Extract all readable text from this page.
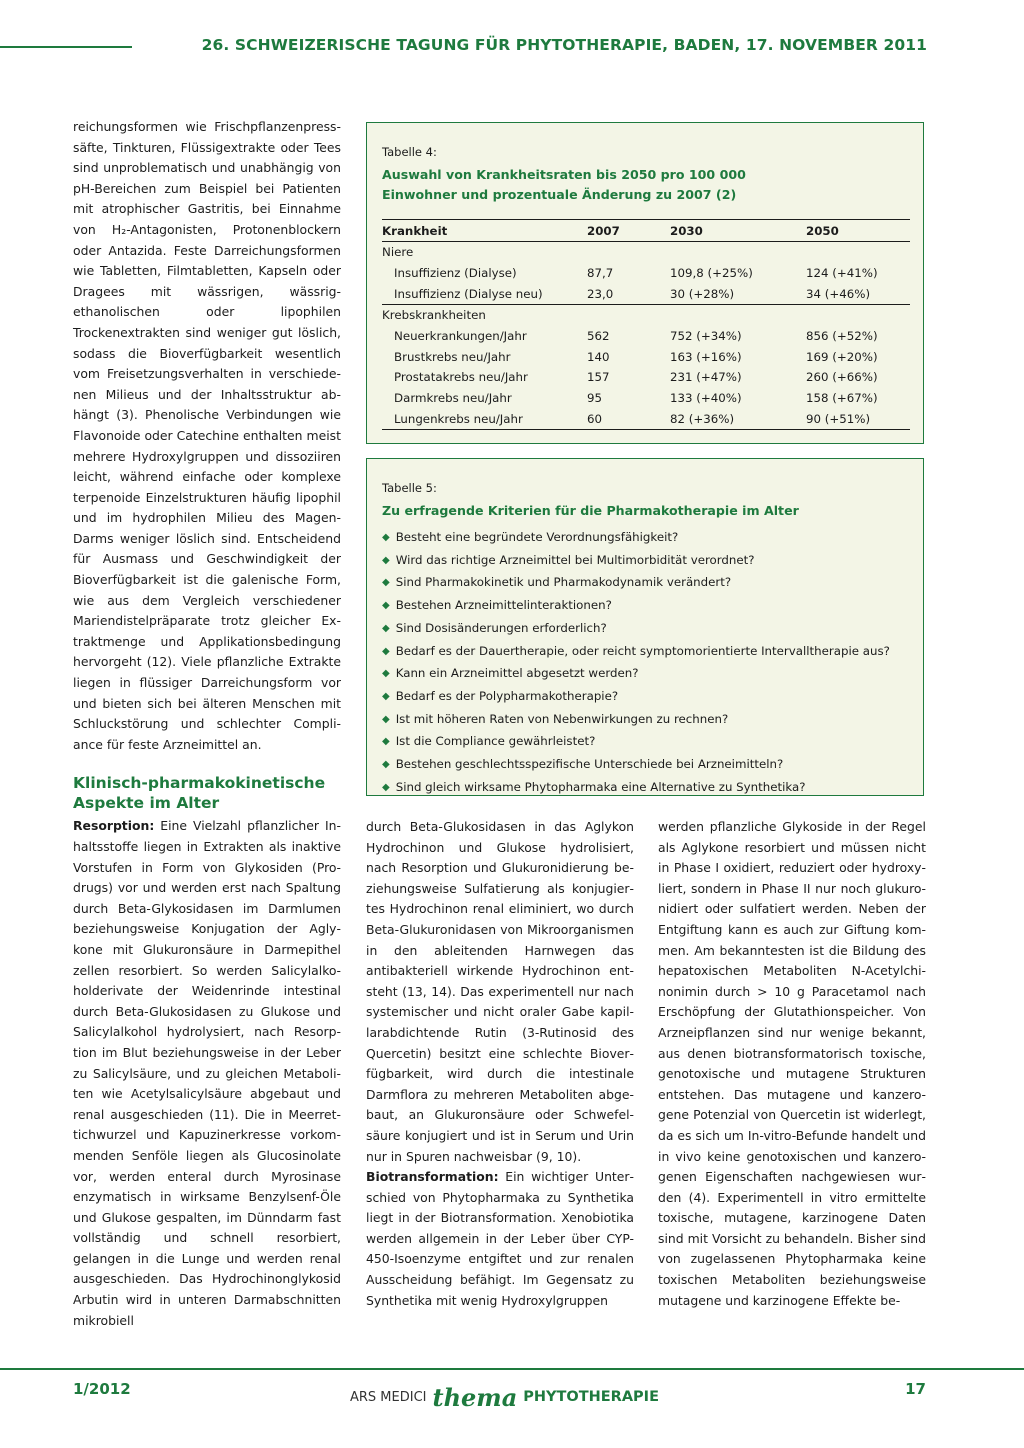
26. SCHWEIZERISCHE TAGUNG FÜR PHYTOTHERAPIE, BADEN, 17. NOVEMBER 2011

reichungsformen wie Frischpflanzenpresssäfte, Tinkturen, Flüssigextrakte oder Tees sind unproblematisch und unabhängig von pH-Bereichen zum Beispiel bei Patienten mit atrophischer Gastritis, bei Einnahme von H₂-Antagonisten, Protonenblockern oder Antazida. Feste Darreichungsformen wie Tabletten, Filmtabletten, Kapseln oder Dragees mit wässrigen, wässrig-ethanolischen oder lipophilen Trockenextrakten sind weniger gut löslich, sodass die Bioverfügbarkeit wesentlich vom Freisetzungsverhalten in verschiedenen Milieus und der Inhaltsstruktur abhängt (3). Phenolische Verbindungen wie Flavonoide oder Catechine enthalten meist mehrere Hydroxylgruppen und dissoziiren leicht, während einfache oder komplexe terpenoide Einzelstrukturen häufig lipophil und im hydrophilen Milieu des Magen-Darms weniger löslich sind. Entscheidend für Ausmass und Geschwindigkeit der Bioverfügbarkeit ist die galenische Form, wie aus dem Vergleich verschiedener Mariendistelpräparate trotz gleicher Extraktmenge und Applikationsbedingung hervorgeht (12). Viele pflanzliche Extrakte liegen in flüssiger Darreichungsform vor und bieten sich bei älteren Menschen mit Schluckstörung und schlechter Compliance für feste Arzneimittel an.

Klinisch-pharmakokinetische Aspekte im Alter

Resorption: Eine Vielzahl pflanzlicher Inhaltsstoffe liegen in Extrakten als inaktive Vorstufen in Form von Glykosiden (Prodrugs) vor und werden erst nach Spaltung durch Beta-Glykosidasen im Darmlumen beziehungsweise Konjugation der Aglykone mit Glukuronsäure in Darmepithel zellen resorbiert. So werden Salicylalkoholderivate der Weidenrinde intestinal durch Beta-Glukosidasen zu Glukose und Salicylalkohol hydrolysiert, nach Resorption im Blut beziehungsweise in der Leber zu Salicylsäure, und zu gleichen Metaboliten wie Acetylsalicylsäure abgebaut und renal ausgeschieden (11). Die in Meerrettichwurzel und Kapuzinerkresse vorkommenden Senföle liegen als Glucosinolate vor, werden enteral durch Myrosinase enzymatisch in wirksame Benzylsenf-Öle und Glukose gespalten, im Dünndarm fast vollständig und schnell resorbiert, gelangen in die Lunge und werden renal ausgeschieden. Das Hydrochinonglykosid Arbutin wird in unteren Darmabschnitten mikrobiell

Tabelle 4:
Auswahl von Krankheitsraten bis 2050 pro 100 000 Einwohner und prozentuale Änderung zu 2007 (2)
Krankheit	2007	2030	2050
Niere			
Insuffizienz (Dialyse)	87,7	109,8 (+25%)	124 (+41%)
Insuffizienz (Dialyse neu)	23,0	30 (+28%)	34 (+46%)
Krebskrankheiten			
Neuerkrankungen/Jahr	562	752 (+34%)	856 (+52%)
Brustkrebs neu/Jahr	140	163 (+16%)	169 (+20%)
Prostatakrebs neu/Jahr	157	231 (+47%)	260 (+66%)
Darmkrebs neu/Jahr	95	133 (+40%)	158 (+67%)
Lungenkrebs neu/Jahr	60	82 (+36%)	90 (+51%)
Tabelle 5:
Zu erfragende Kriterien für die Pharmakotherapie im Alter
◆ Besteht eine begründete Verordnungsfähigkeit?
◆ Wird das richtige Arzneimittel bei Multimorbidität verordnet?
◆ Sind Pharmakokinetik und Pharmakodynamik verändert?
◆ Bestehen Arzneimittelinteraktionen?
◆ Sind Dosisänderungen erforderlich?
◆ Bedarf es der Dauertherapie, oder reicht symptomorientierte Intervalltherapie aus?
◆ Kann ein Arzneimittel abgesetzt werden?
◆ Bedarf es der Polypharmakotherapie?
◆ Ist mit höheren Raten von Nebenwirkungen zu rechnen?
◆ Ist die Compliance gewährleistet?
◆ Bestehen geschlechtsspezifische Unterschiede bei Arzneimitteln?
◆ Sind gleich wirksame Phytopharmaka eine Alternative zu Synthetika?

durch Beta-Glukosidasen in das Aglykon Hydrochinon und Glukose hydrolisiert, nach Resorption und Glukuronidierung beziehungsweise Sulfatierung als konjugiertes Hydrochinon renal eliminiert, wo durch Beta-Glukuronidasen von Mikroorganismen in den ableitenden Harnwegen das antibakteriell wirkende Hydrochinon entsteht (13, 14). Das experimentell nur nach systemischer und nicht oraler Gabe kapillarabdichtende Rutin (3-Rutinosid des Quercetin) besitzt eine schlechte Bioverfügbarkeit, wird durch die intestinale Darmflora zu mehreren Metaboliten abgebaut, an Glukuronsäure oder Schwefelsäure konjugiert und ist in Serum und Urin nur in Spuren nachweisbar (9, 10).

Biotransformation: Ein wichtiger Unterschied von Phytopharmaka zu Synthetika liegt in der Biotransformation. Xenobiotika werden allgemein in der Leber über CYP-450-Isoenzyme entgiftet und zur renalen Ausscheidung befähigt. Im Gegensatz zu Synthetika mit wenig Hydroxylgruppen

werden pflanzliche Glykoside in der Regel als Aglykone resorbiert und müssen nicht in Phase I oxidiert, reduziert oder hydroxyliert, sondern in Phase II nur noch glukuronidiert oder sulfatiert werden. Neben der Entgiftung kann es auch zur Giftung kommen. Am bekanntesten ist die Bildung des hepatoxischen Metaboliten N-Acetylchinonimin durch > 10 g Paracetamol nach Erschöpfung der Glutathionspeicher. Von Arzneipflanzen sind nur wenige bekannt, aus denen biotransformatorisch toxische, genotoxische und mutagene Strukturen entstehen. Das mutagene und kanzerogene Potenzial von Quercetin ist widerlegt, da es sich um In-vitro-Befunde handelt und in vivo keine genotoxischen und kanzerogenen Eigenschaften nachgewiesen wurden (4). Experimentell in vitro ermittelte toxische, mutagene, karzinogene Daten sind mit Vorsicht zu behandeln. Bisher sind von zugelassenen Phytopharmaka keine toxischen Metaboliten beziehungsweise mutagene und karzinogene Effekte be-

1/2012	ARS MEDICI thema PHYTOTHERAPIE	17
